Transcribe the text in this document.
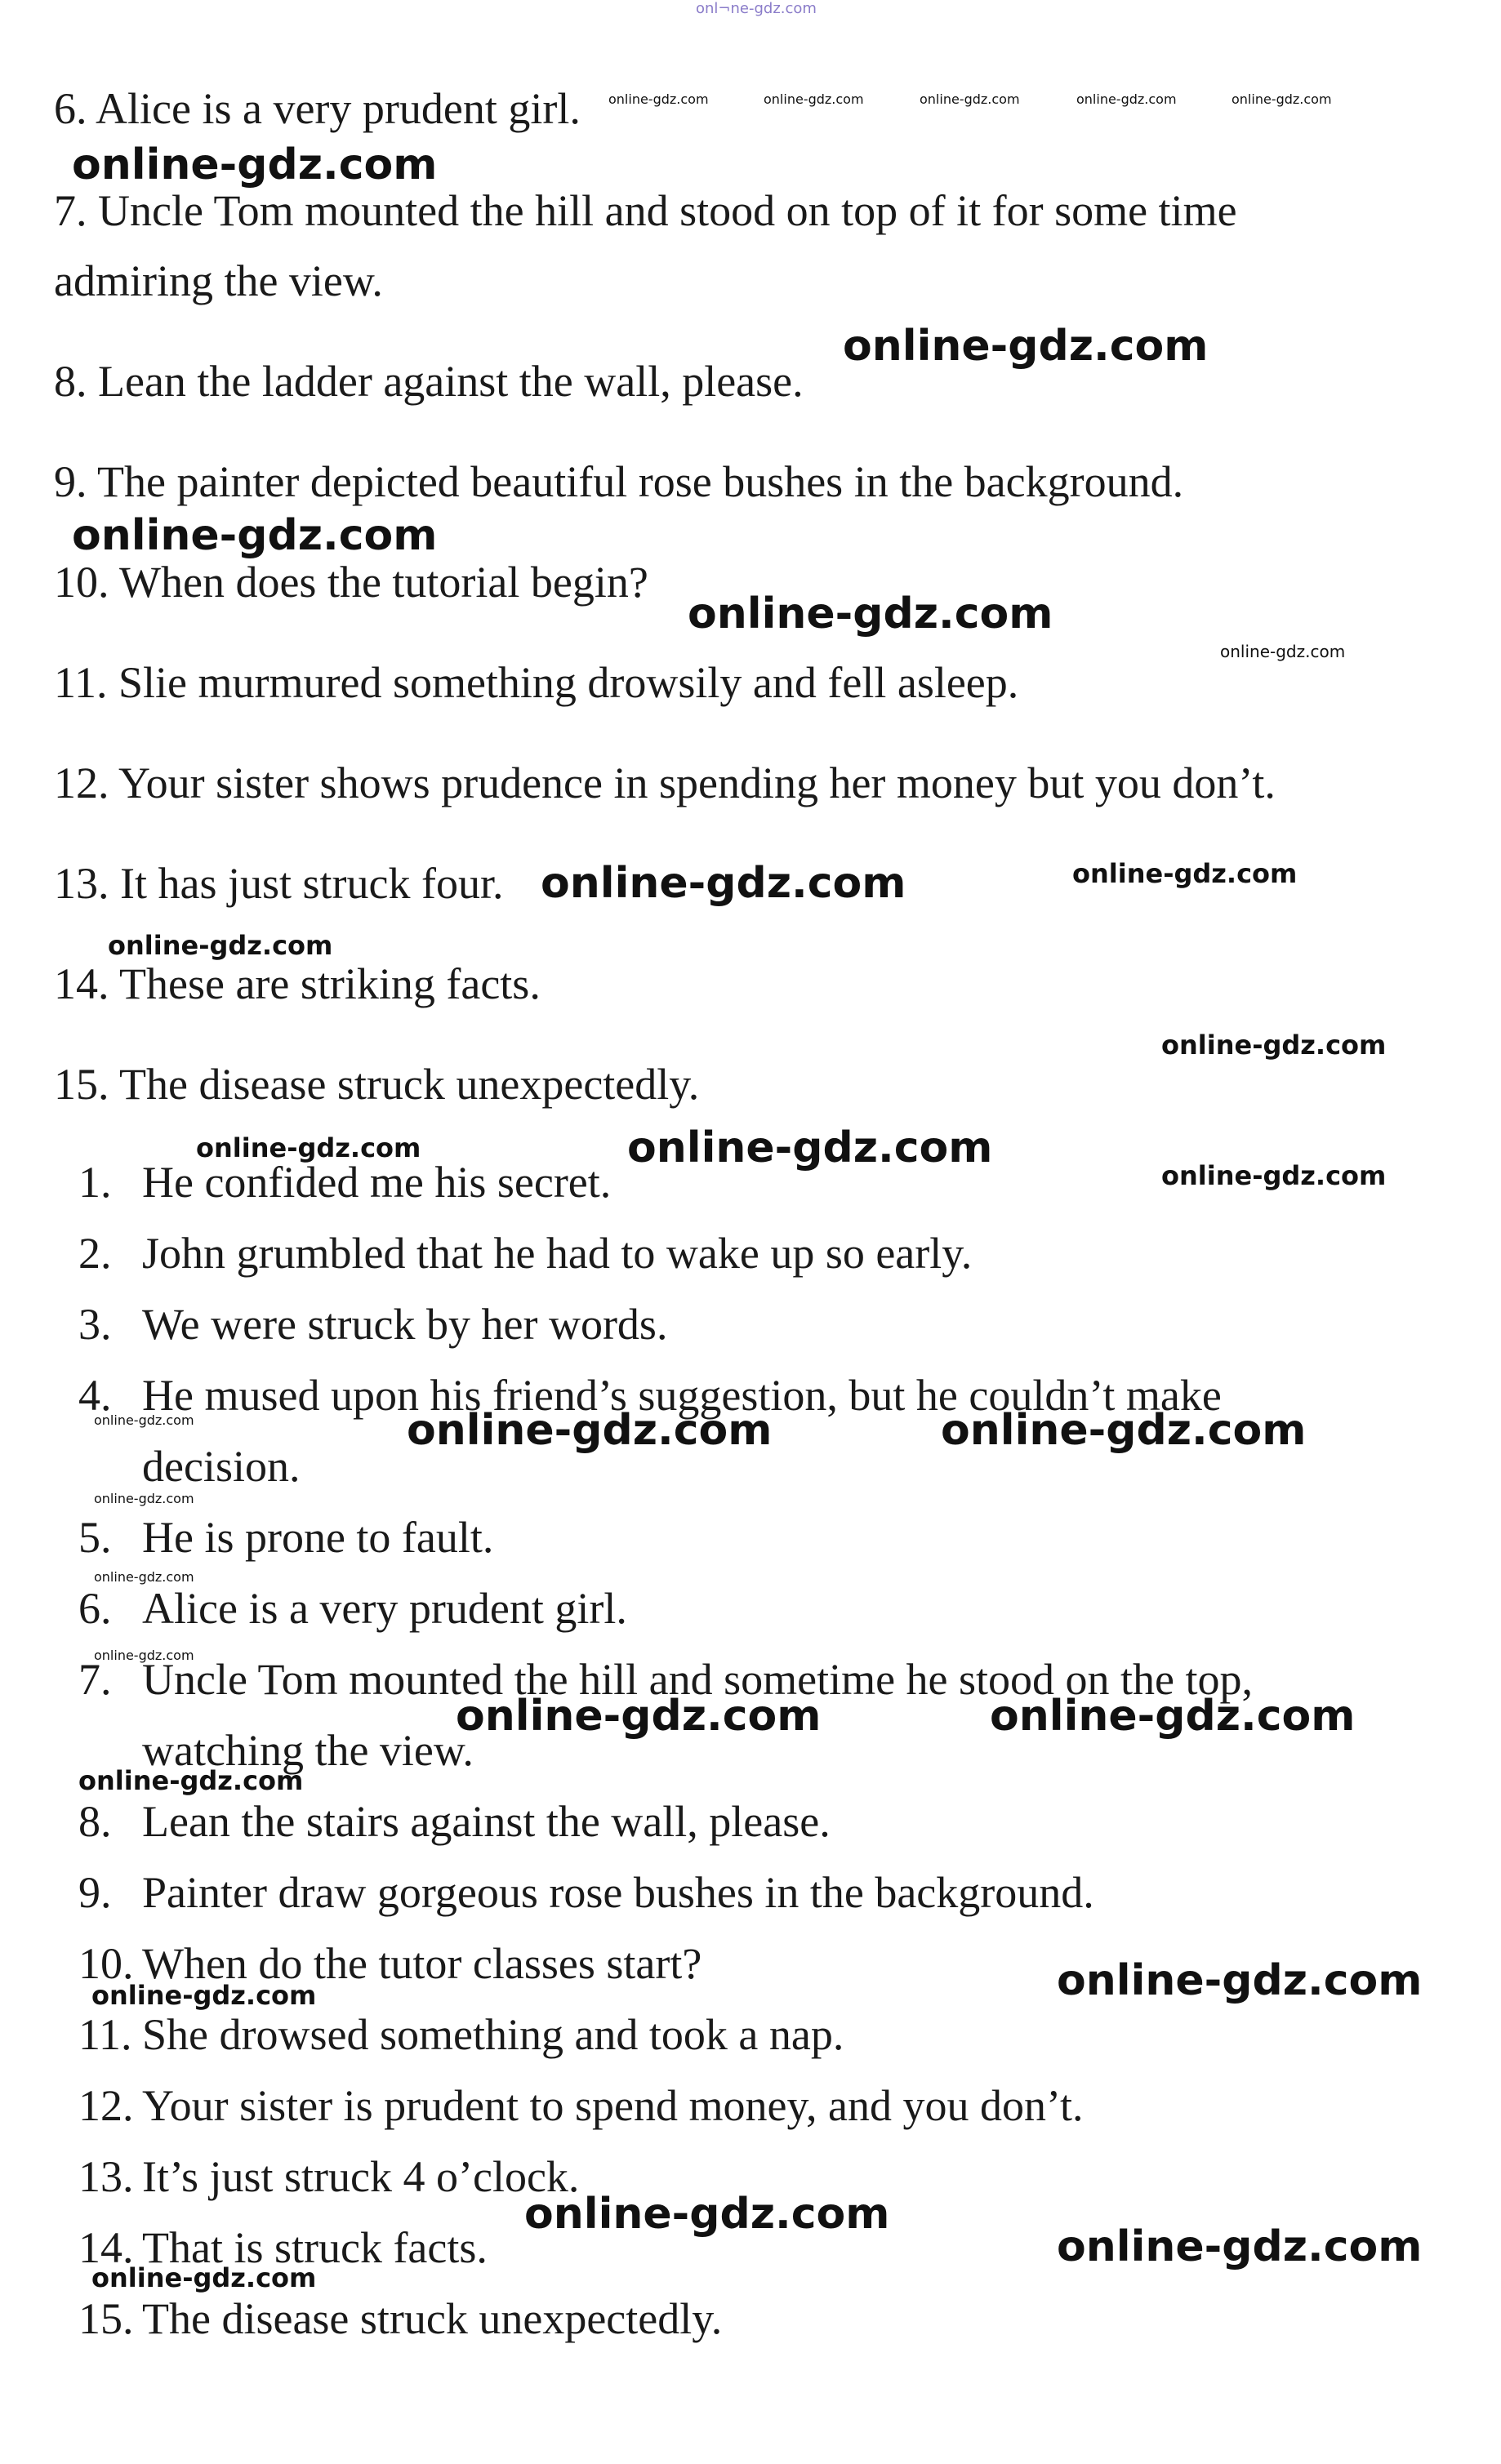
onl¬ne-gdz.com

6. Alice is a very prudent girl.

7. Uncle Tom mounted the hill and stood on top of it for some time

admiring the view.

8. Lean the ladder against the wall, please.

9. The painter depicted beautiful rose bushes in the background.

10. When does the tutorial begin?

11. Slie murmured something drowsily and fell asleep.

12. Your sister shows prudence in spending her money but you don’t.

13. It has just struck four.

14. These are striking facts.

15. The disease struck unexpectedly.

1. He confided me his secret.
2. John grumbled that he had to wake up so early.
3. We were struck by her words.
4. He mused upon his friend’s suggestion, but he couldn’t make
decision.
5. He is prone to fault.
6. Alice is a very prudent girl.
7. Uncle Tom mounted the hill and sometime he stood on the top,
watching the view.
8. Lean the stairs against the wall, please.
9. Painter draw gorgeous rose bushes in the background.
10. When do the tutor classes start?
11. She drowsed something and took a nap.
12. Your sister is prudent to spend money, and you don’t.
13. It’s just struck 4 o’clock.
14. That is struck facts.
15. The disease struck unexpectedly.
online-gdz.com	online-gdz.com	online-gdz.com	online-gdz.com	online-gdz.com
online-gdz.com
online-gdz.com
online-gdz.com
online-gdz.com
online-gdz.com
online-gdz.com	online-gdz.com
online-gdz.com
online-gdz.com
online-gdz.com	online-gdz.com
online-gdz.com
online-gdz.com	online-gdz.com	online-gdz.com
online-gdz.com
online-gdz.com
online-gdz.com
online-gdz.com	online-gdz.com
online-gdz.com
online-gdz.com
online-gdz.com
online-gdz.com
online-gdz.com
online-gdz.com
